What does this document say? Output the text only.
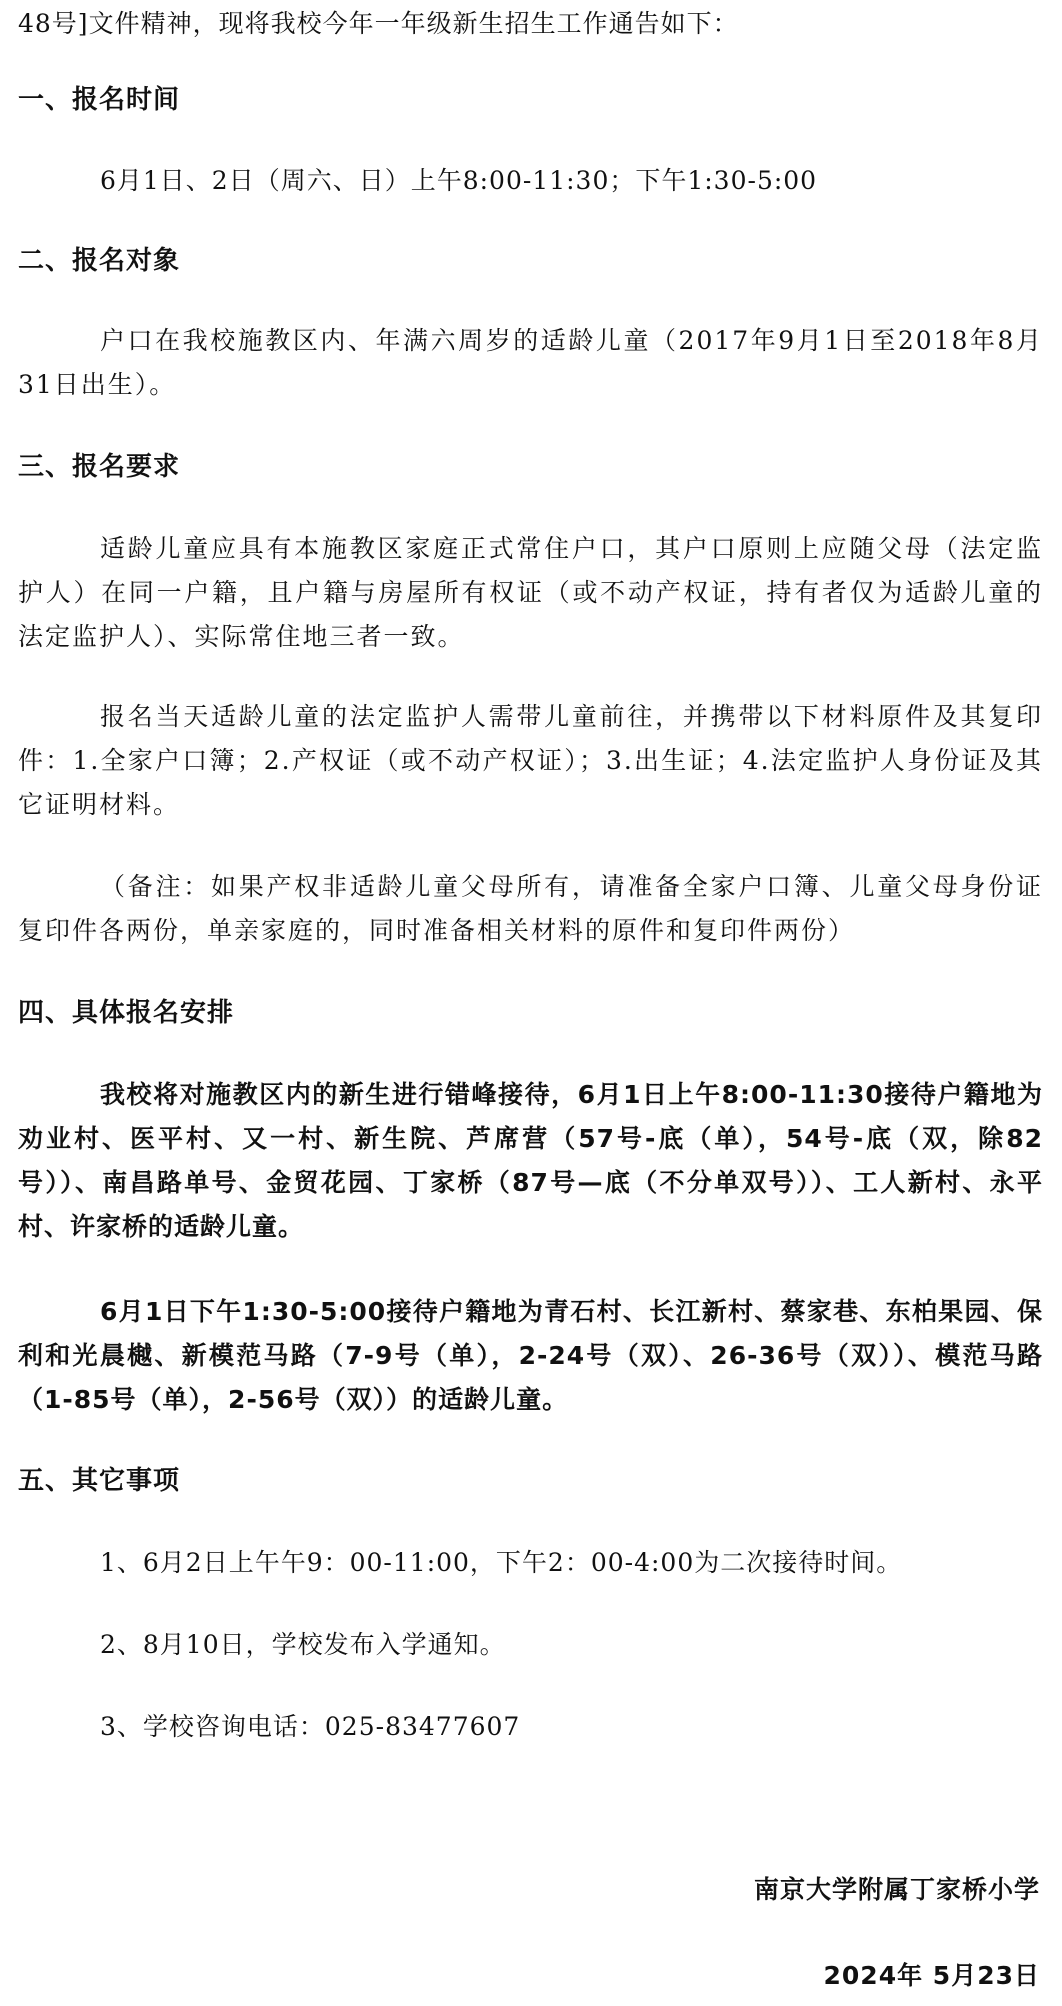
48号]文件精神，现将我校今年一年级新生招生工作通告如下：
一、报名时间
6月1日、2日（周六、日）上午8:00-11:30；下午1:30-5:00
二、报名对象
户口在我校施教区内、年满六周岁的适龄儿童（2017年9月1日至2018年8月31日出生）。
三、报名要求
适龄儿童应具有本施教区家庭正式常住户口，其户口原则上应随父母（法定监护人）在同一户籍，且户籍与房屋所有权证（或不动产权证，持有者仅为适龄儿童的法定监护人）、实际常住地三者一致。
报名当天适龄儿童的法定监护人需带儿童前往，并携带以下材料原件及其复印件：1.全家户口簿；2.产权证（或不动产权证）；3.出生证；4.法定监护人身份证及其它证明材料。
（备注：如果产权非适龄儿童父母所有，请准备全家户口簿、儿童父母身份证复印件各两份，单亲家庭的，同时准备相关材料的原件和复印件两份）
四、具体报名安排
我校将对施教区内的新生进行错峰接待，6月1日上午8:00-11:30接待户籍地为劝业村、医平村、又一村、新生院、芦席营（57号-底（单），54号-底（双，除82号））、南昌路单号、金贸花园、丁家桥（87号—底（不分单双号））、工人新村、永平村、许家桥的适龄儿童。
6月1日下午1:30-5:00接待户籍地为青石村、长江新村、蔡家巷、东柏果园、保利和光晨樾、新模范马路（7-9号（单），2-24号（双）、26-36号（双））、模范马路（1-85号（单），2-56号（双））的适龄儿童。
五、其它事项
1、6月2日上午午9：00-11:00，下午2：00-4:00为二次接待时间。
2、8月10日，学校发布入学通知。
3、学校咨询电话：025-83477607
南京大学附属丁家桥小学
2024年 5月23日
